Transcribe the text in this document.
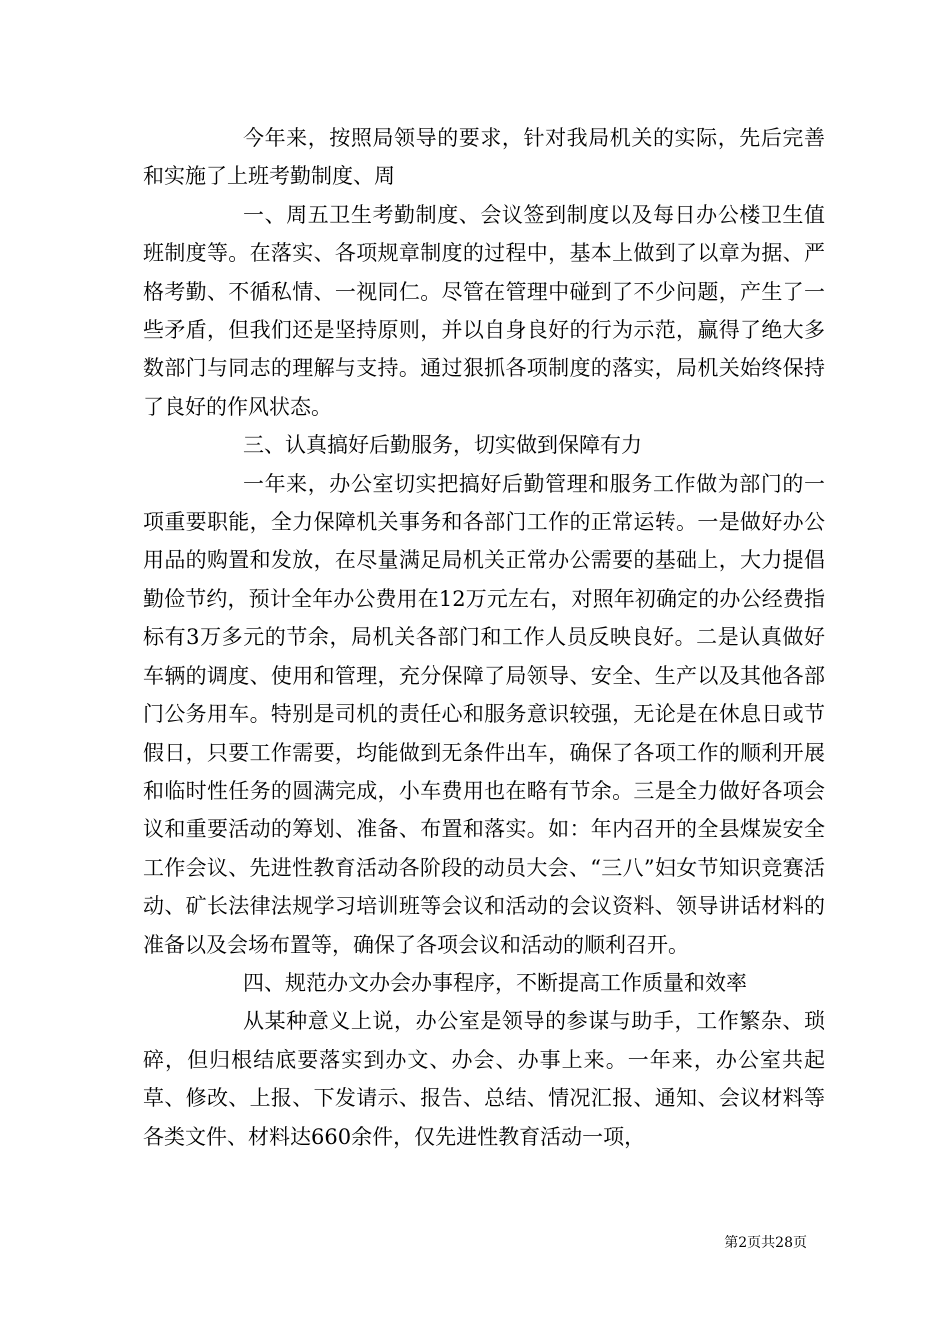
今年来，按照局领导的要求，针对我局机关的实际，先后完善和实施了上班考勤制度、周

一、周五卫生考勤制度、会议签到制度以及每日办公楼卫生值班制度等。在落实、各项规章制度的过程中，基本上做到了以章为据、严格考勤、不循私情、一视同仁。尽管在管理中碰到了不少问题，产生了一些矛盾，但我们还是坚持原则，并以自身良好的行为示范，赢得了绝大多数部门与同志的理解与支持。通过狠抓各项制度的落实，局机关始终保持了良好的作风状态。

三、认真搞好后勤服务，切实做到保障有力

一年来，办公室切实把搞好后勤管理和服务工作做为部门的一项重要职能，全力保障机关事务和各部门工作的正常运转。一是做好办公用品的购置和发放，在尽量满足局机关正常办公需要的基础上，大力提倡勤俭节约，预计全年办公费用在12万元左右，对照年初确定的办公经费指标有3万多元的节余，局机关各部门和工作人员反映良好。二是认真做好车辆的调度、使用和管理，充分保障了局领导、安全、生产以及其他各部门公务用车。特别是司机的责任心和服务意识较强，无论是在休息日或节假日，只要工作需要，均能做到无条件出车，确保了各项工作的顺利开展和临时性任务的圆满完成，小车费用也在略有节余。三是全力做好各项会议和重要活动的筹划、准备、布置和落实。如：年内召开的全县煤炭安全工作会议、先进性教育活动各阶段的动员大会、“三八”妇女节知识竞赛活动、矿长法律法规学习培训班等会议和活动的会议资料、领导讲话材料的准备以及会场布置等，确保了各项会议和活动的顺利召开。

四、规范办文办会办事程序，不断提高工作质量和效率

从某种意义上说，办公室是领导的参谋与助手，工作繁杂、琐碎，但归根结底要落实到办文、办会、办事上来。一年来，办公室共起草、修改、上报、下发请示、报告、总结、情况汇报、通知、会议材料等各类文件、材料达660余件，仅先进性教育活动一项，

第2页共28页
